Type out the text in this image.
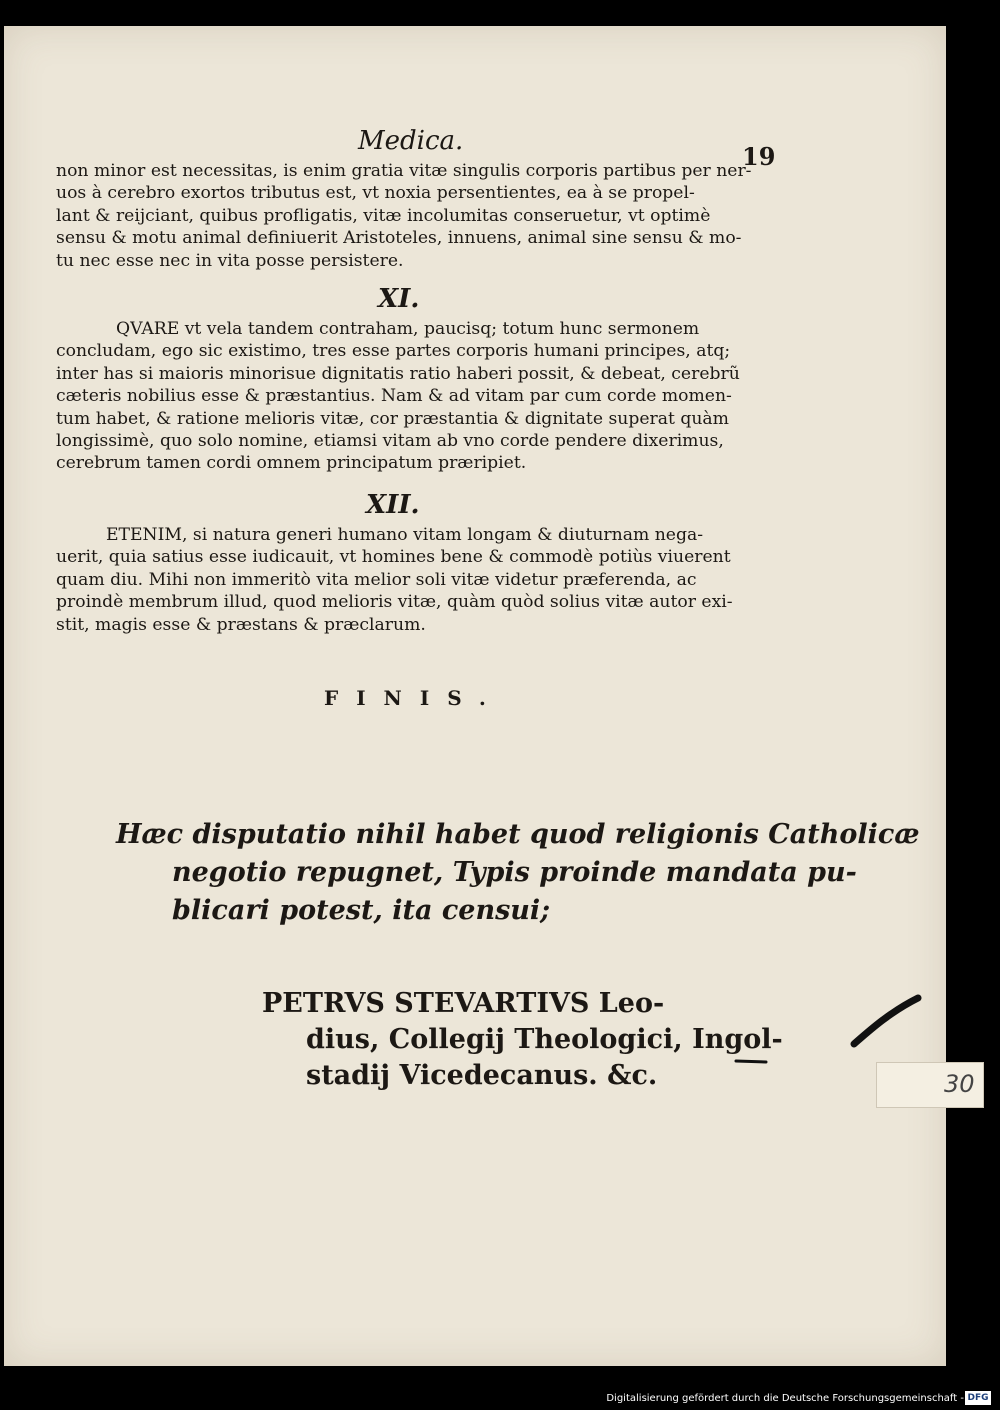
Medica.
19
non minor est necessitas, is enim gratia vitæ singulis corporis partibus per ner-
uos à cerebro exortos tributus est, vt noxia persentientes, ea à se propel-
lant & reijciant, quibus profligatis, vitæ incolumitas conseruetur, vt optimè
sensu & motu animal definiuerit Aristoteles, innuens, animal sine sensu & mo-
tu nec esse nec in vita posse persistere.
XI.
QVARE vt vela tandem contraham, paucisq; totum hunc sermonem
concludam, ego sic existimo, tres esse partes corporis humani principes, atq;
inter has si maioris minorisue dignitatis ratio haberi possit, & debeat, cerebrũ
cæteris nobilius esse & præstantius. Nam & ad vitam par cum corde momen-
tum habet, & ratione melioris vitæ, cor præstantia & dignitate superat quàm
longissimè, quo solo nomine, etiamsi vitam ab vno corde pendere dixerimus,
cerebrum tamen cordi omnem principatum præripiet.
XII.
ETENIM, si natura generi humano vitam longam & diuturnam nega-
uerit, quia satius esse iudicauit, vt homines bene & commodè potiùs viuerent
quam diu. Mihi non immeritò vita melior soli vitæ videtur præferenda, ac
proindè membrum illud, quod melioris vitæ, quàm quòd solius vitæ autor exi-
stit, magis esse & præstans & præclarum.
FINIS.
Hæc disputatio nihil habet quod religionis Catholicæ
negotio repugnet, Typis proinde mandata pu-
blicari potest, ita censui;
PETRVS STEVARTIVS Leo-
dius, Collegij Theologici, Ingol-
stadij Vicedecanus. &c.	30
Digitalisierung gefördert durch die Deutsche Forschungsgemeinschaft - DFG
